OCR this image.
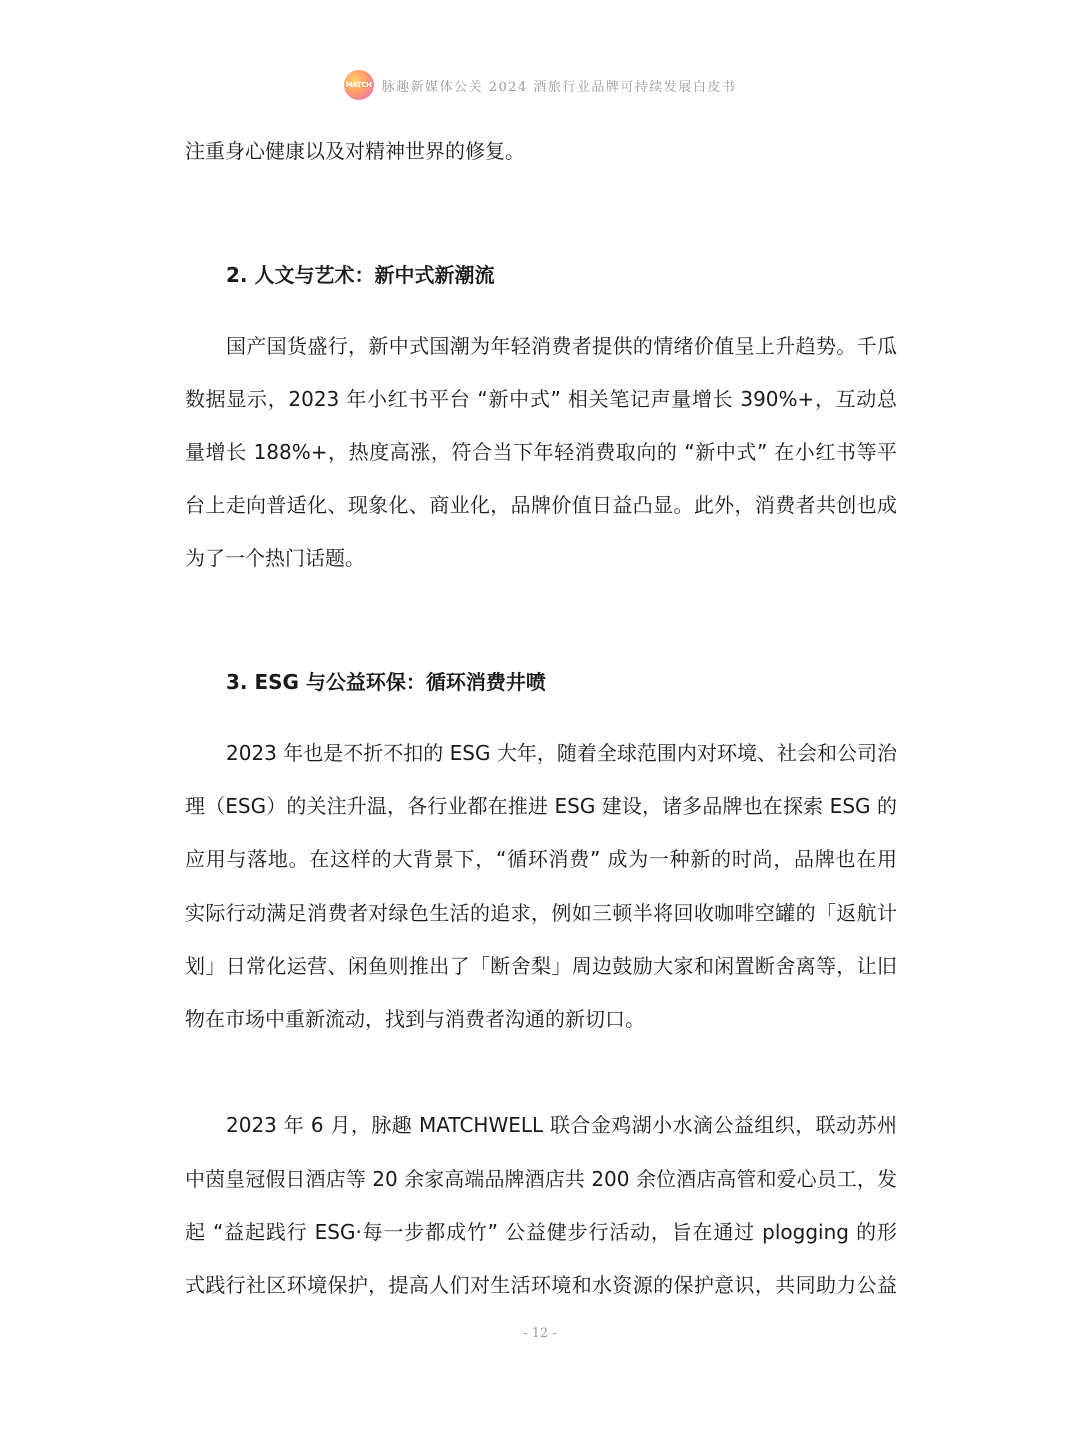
MATCH 脉趣新媒体公关 2024 酒旅行业品牌可持续发展白皮书
注重身心健康以及对精神世界的修复。
2. 人文与艺术：新中式新潮流
国产国货盛行，新中式国潮为年轻消费者提供的情绪价值呈上升趋势。千瓜
数据显示，2023 年小红书平台 “新中式” 相关笔记声量增长 390%+，互动总
量增长 188%+，热度高涨，符合当下年轻消费取向的 “新中式” 在小红书等平
台上走向普适化、现象化、商业化，品牌价值日益凸显。此外，消费者共创也成
为了一个热门话题。
3. ESG 与公益环保：循环消费井喷
2023 年也是不折不扣的 ESG 大年，随着全球范围内对环境、社会和公司治
理（ESG）的关注升温，各行业都在推进 ESG 建设，诸多品牌也在探索 ESG 的
应用与落地。在这样的大背景下，“循环消费” 成为一种新的时尚，品牌也在用
实际行动满足消费者对绿色生活的追求，例如三顿半将回收咖啡空罐的「返航计
划」日常化运营、闲鱼则推出了「断舍梨」周边鼓励大家和闲置断舍离等，让旧
物在市场中重新流动，找到与消费者沟通的新切口。
2023 年 6 月，脉趣 MATCHWELL 联合金鸡湖小水滴公益组织，联动苏州
中茵皇冠假日酒店等 20 余家高端品牌酒店共 200 余位酒店高管和爱心员工，发
起 “益起践行 ESG·每一步都成竹” 公益健步行活动，旨在通过 plogging 的形
式践行社区环境保护，提高人们对生活环境和水资源的保护意识，共同助力公益
- 12 -
